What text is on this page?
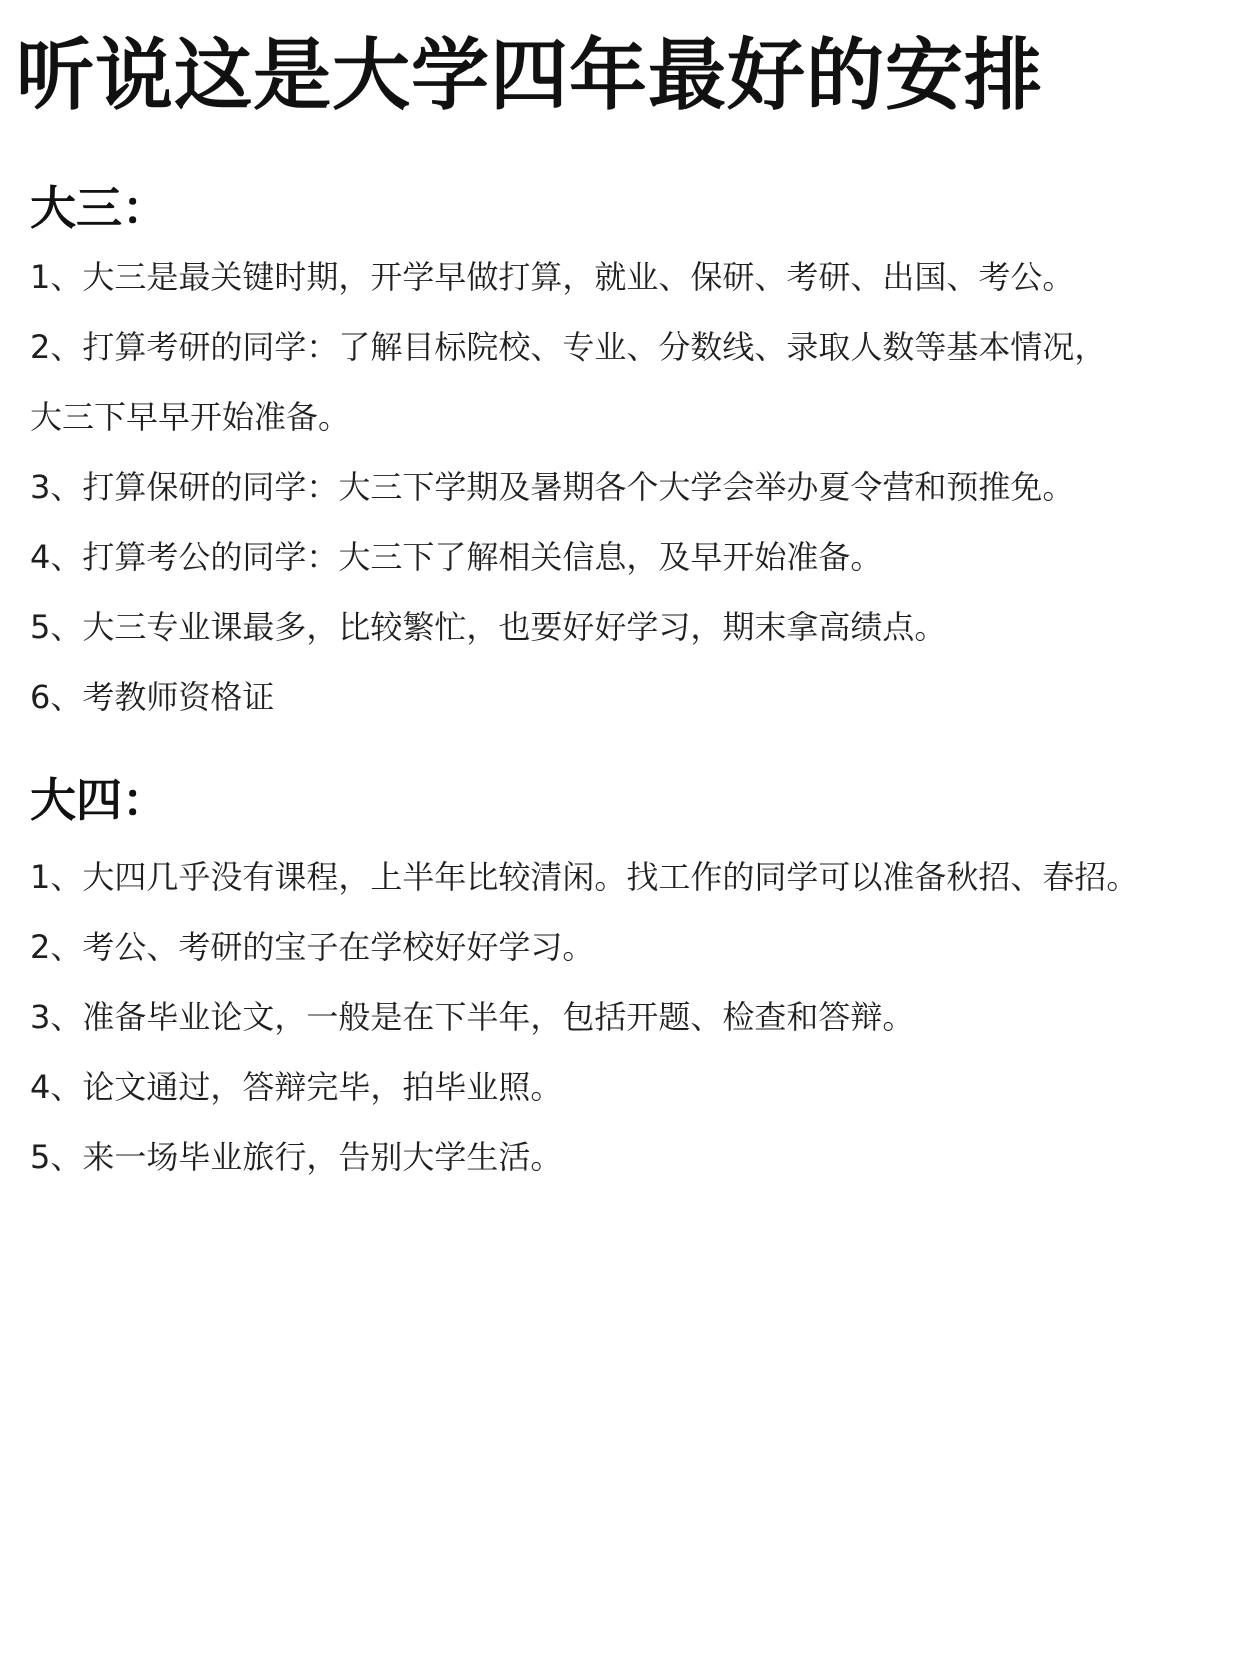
听说这是大学四年最好的安排
大三：

1、大三是最关键时期，开学早做打算，就业、保研、考研、出国、考公。

2、打算考研的同学：了解目标院校、专业、分数线、录取人数等基本情况，

大三下早早开始准备。

3、打算保研的同学：大三下学期及暑期各个大学会举办夏令营和预推免。

4、打算考公的同学：大三下了解相关信息，及早开始准备。

5、大三专业课最多，比较繁忙，也要好好学习，期末拿高绩点。

6、考教师资格证

大四：

1、大四几乎没有课程，上半年比较清闲。找工作的同学可以准备秋招、春招。

2、考公、考研的宝子在学校好好学习。

3、准备毕业论文，一般是在下半年，包括开题、检查和答辩。

4、论文通过，答辩完毕，拍毕业照。

5、来一场毕业旅行，告别大学生活。
